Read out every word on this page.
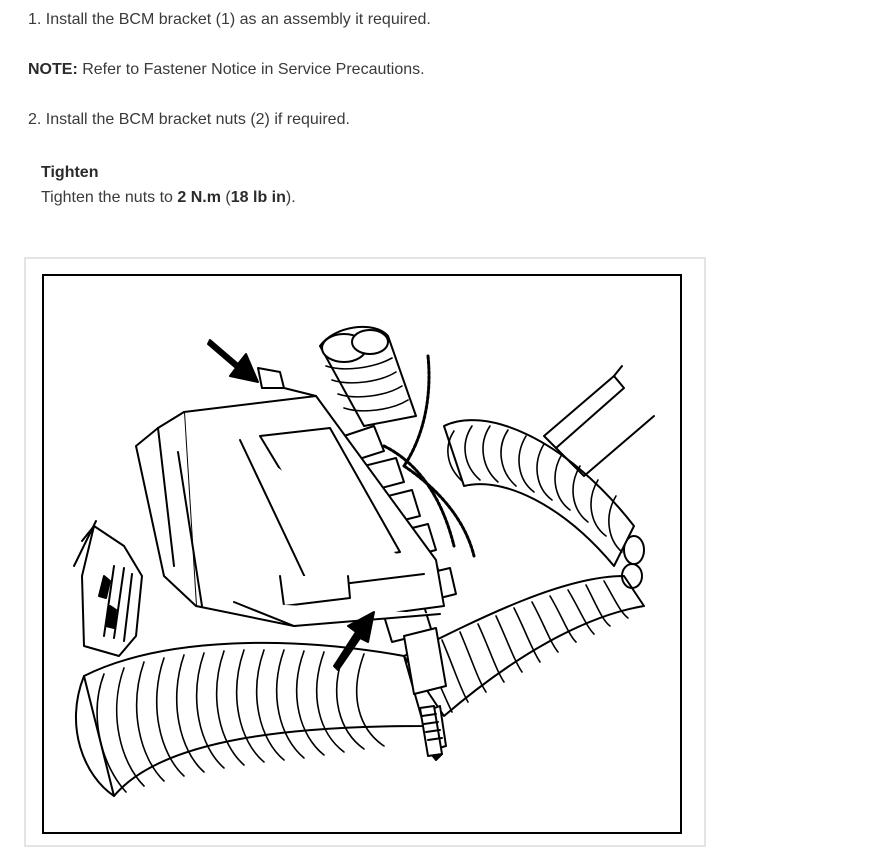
1. Install the BCM bracket (1) as an assembly it required.
NOTE: Refer to Fastener Notice in Service Precautions.
2. Install the BCM bracket nuts (2) if required.
Tighten
Tighten the nuts to 2 N.m (18 lb in).
